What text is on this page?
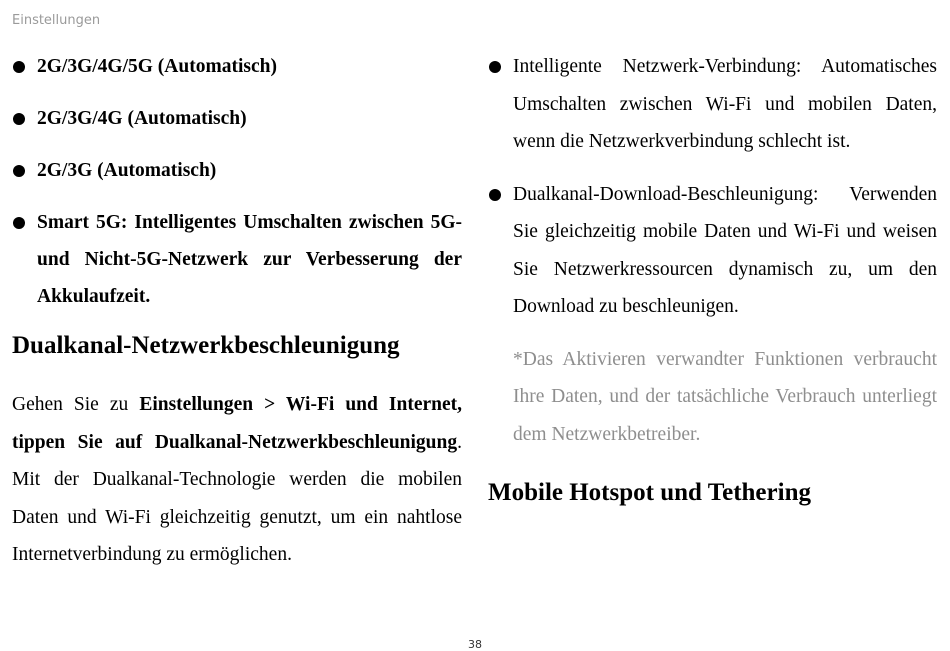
Einstellungen
2G/3G/4G/5G (Automatisch)
2G/3G/4G (Automatisch)
2G/3G (Automatisch)
Smart 5G: Intelligentes Umschalten zwischen 5G- und Nicht-5G-Netzwerk zur Verbesserung der Akkulaufzeit.
Dualkanal-Netzwerkbeschleunigung

Gehen Sie zu Einstellungen > Wi-Fi und Internet, tippen Sie auf Dualkanal-Netzwerkbeschleunigung. Mit der Dualkanal-Technologie werden die mobilen Daten und Wi-Fi gleichzeitig genutzt, um ein nahtlose Internetverbindung zu ermöglichen.

Intelligente Netzwerk-Verbindung: Automatisches Umschalten zwischen Wi-Fi und mobilen Daten, wenn die Netzwerkverbindung schlecht ist.
Dualkanal-Download-Beschleunigung: Verwenden Sie gleichzeitig mobile Daten und Wi-Fi und weisen Sie Netzwerkressourcen dynamisch zu, um den Download zu beschleunigen.

*Das Aktivieren verwandter Funktionen verbraucht Ihre Daten, und der tatsächliche Verbrauch unterliegt dem Netzwerkbetreiber.

Mobile Hotspot und Tethering
38
